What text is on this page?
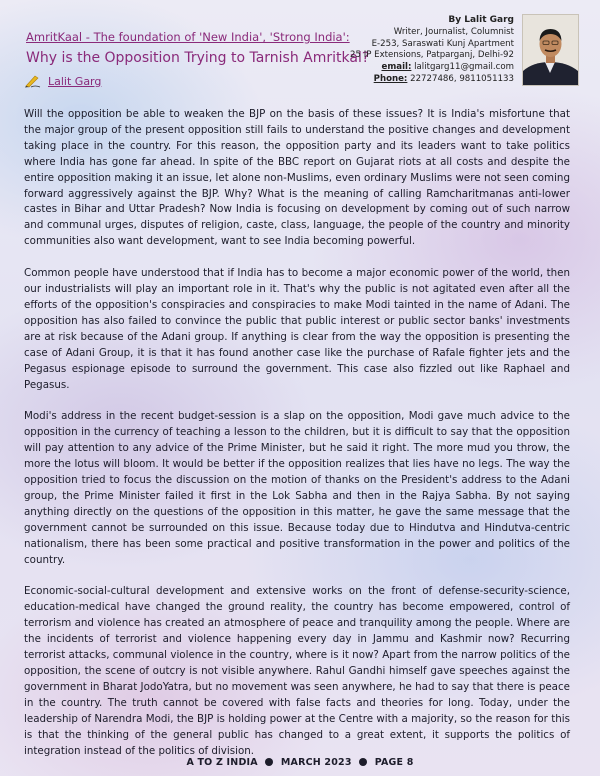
AmritKaal - The foundation of 'New India', 'Strong India':
Why is the Opposition Trying to Tarnish Amritkal?
Lalit Garg
By Lalit Garg
Writer, Journalist, Columnist
E-253, Saraswati Kunj Apartment
25 IP Extensions, Patparganj, Delhi-92
email: lalitgarg11@gmail.com
Phone: 22727486, 9811051133

Will the opposition be able to weaken the BJP on the basis of these issues? It is India's misfortune that the major group of the present opposition still fails to understand the positive changes and development taking place in the country. For this reason, the opposition party and its leaders want to take politics where India has gone far ahead. In spite of the BBC report on Gujarat riots at all costs and despite the entire opposition making it an issue, let alone non-Muslims, even ordinary Muslims were not seen coming forward aggressively against the BJP. Why? What is the meaning of calling Ramcharitmanas anti-lower castes in Bihar and Uttar Pradesh? Now India is focusing on development by coming out of such narrow and communal urges, disputes of religion, caste, class, language, the people of the country and minority communities also want development, want to see India becoming powerful.

Common people have understood that if India has to become a major economic power of the world, then our industrialists will play an important role in it. That's why the public is not agitated even after all the efforts of the opposition's conspiracies and conspiracies to make Modi tainted in the name of Adani. The opposition has also failed to convince the public that public interest or public sector banks' investments are at risk because of the Adani group. If anything is clear from the way the opposition is presenting the case of Adani Group, it is that it has found another case like the purchase of Rafale fighter jets and the Pegasus espionage episode to surround the government. This case also fizzled out like Raphael and Pegasus.

Modi's address in the recent budget-session is a slap on the opposition, Modi gave much advice to the opposition in the currency of teaching a lesson to the children, but it is difficult to say that the opposition will pay attention to any advice of the Prime Minister, but he said it right. The more mud you throw, the more the lotus will bloom. It would be better if the opposition realizes that lies have no legs. The way the opposition tried to focus the discussion on the motion of thanks on the President's address to the Adani group, the Prime Minister failed it first in the Lok Sabha and then in the Rajya Sabha. By not saying anything directly on the questions of the opposition in this matter, he gave the same message that the government cannot be surrounded on this issue. Because today due to Hindutva and Hindutva-centric nationalism, there has been some practical and positive transformation in the power and politics of the country.

Economic-social-cultural development and extensive works on the front of defense-security-science, education-medical have changed the ground reality, the country has become empowered, control of terrorism and violence has created an atmosphere of peace and tranquility among the people. Where are the incidents of terrorist and violence happening every day in Jammu and Kashmir now? Recurring terrorist attacks, communal violence in the country, where is it now? Apart from the narrow politics of the opposition, the scene of outcry is not visible anywhere. Rahul Gandhi himself gave speeches against the government in Bharat JodoYatra, but no movement was seen anywhere, he had to say that there is peace in the country. The truth cannot be covered with false facts and theories for long. Today, under the leadership of Narendra Modi, the BJP is holding power at the Centre with a majority, so the reason for this is that the thinking of the general public has changed to a great extent, it supports the politics of integration instead of the politics of division.

A TO Z INDIA MARCH 2023 PAGE 8
